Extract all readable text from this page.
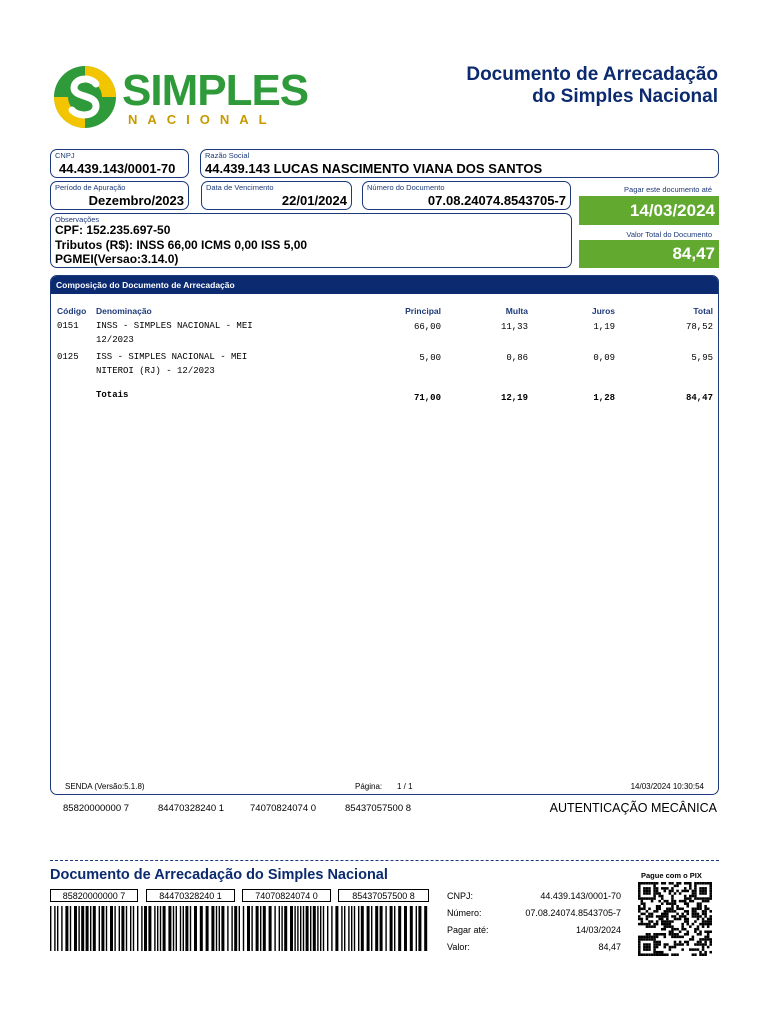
SIMPLES
NACIONAL
Documento de Arrecadação
do Simples Nacional
CNPJ
44.439.143/0001-70
Razão Social
44.439.143 LUCAS NASCIMENTO VIANA DOS SANTOS
Período de Apuração
Dezembro/2023
Data de Vencimento
22/01/2024
Número do Documento
07.08.24074.8543705-7
Pagar este documento até
14/03/2024
Observações
CPF: 152.235.697-50
Tributos (R$): INSS 66,00 ICMS 0,00 ISS 5,00
PGMEI(Versao:3.14.0)
Valor Total do Documento
84,47
Composição do Documento de Arrecadação
Código Denominação	Principal	Multa	Juros	Total
0151 INSS - SIMPLES NACIONAL - MEI
12/2023
66,00	11,33	1,19	78,52
0125 ISS - SIMPLES NACIONAL - MEI
NITEROI (RJ) - 12/2023
5,00	0,86	0,09	5,95
Totais	71,00	12,19	1,28	84,47
SENDA (Versão:5.1.8)	Página: 1 / 1	14/03/2024 10:30:54
85820000000 7	84470328240 1	74070824074 0	85437057500 8	AUTENTICAÇÃO MECÂNICA
Documento de Arrecadação do Simples Nacional	Pague com o PIX
85820000000 7	84470328240 1	74070824074 0	85437057500 8	CNPJ:	44.439.143/0001-70
Número:	07.08.24074.8543705-7
Pagar até:	14/03/2024
Valor:	84,47
